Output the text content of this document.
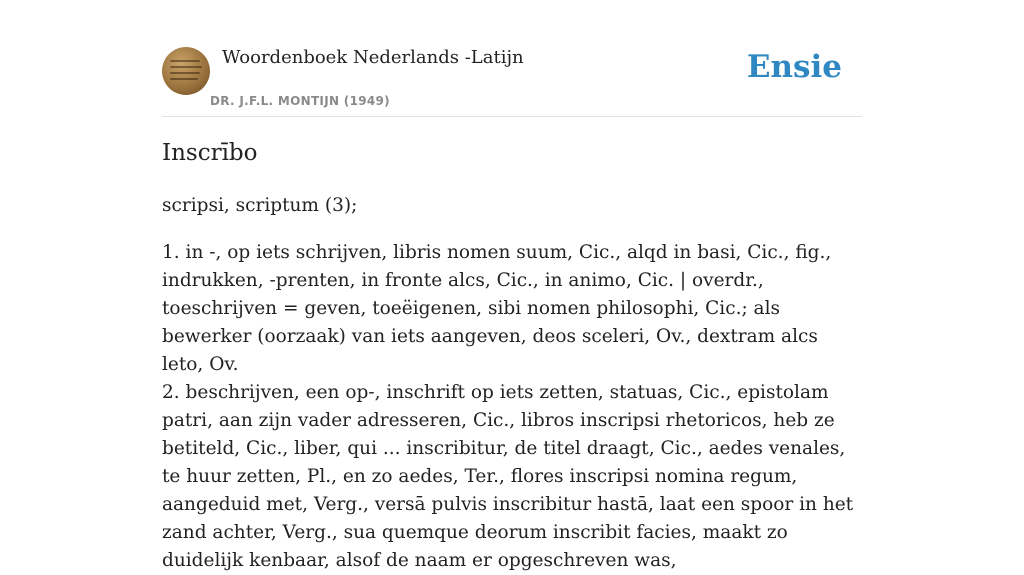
Woordenboek Nederlands -Latijn
DR. J.F.L. MONTIJN (1949)
Ensie
Inscrībo

scripsi, scriptum (3);

1. in -, op iets schrijven, libris nomen suum, Cic., alqd in basi, Cic., fig., indrukken, -prenten, in fronte alcs, Cic., in animo, Cic. | overdr., toeschrijven = geven, toeëigenen, sibi nomen philosophi, Cic.; als bewerker (oorzaak) van iets aangeven, deos sceleri, Ov., dextram alcs leto, Ov.

2. beschrijven, een op-, inschrift op iets zetten, statuas, Cic., epistolam patri, aan zijn vader adresseren, Cic., libros inscripsi rhetoricos, heb ze betiteld, Cic., liber, qui ... inscribitur, de titel draagt, Cic., aedes venales, te huur zetten, Pl., en zo aedes, Ter., flores inscripsi nomina regum, aangeduid met, Verg., versā pulvis inscribitur hastā, laat een spoor in het zand achter, Verg., sua quemque deorum inscribit facies, maakt zo duidelijk kenbaar, alsof de naam er opgeschreven was,
